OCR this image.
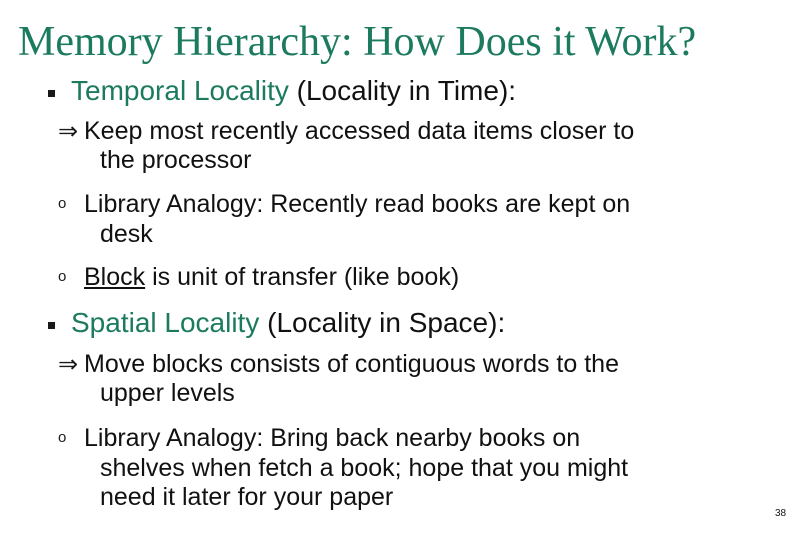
Memory Hierarchy: How Does it Work?
Temporal Locality (Locality in Time):
⇒ Keep most recently accessed data items closer to
the processor
o Library Analogy: Recently read books are kept on
desk
o Block is unit of transfer (like book)
Spatial Locality (Locality in Space):
⇒ Move blocks consists of contiguous words to the
upper levels
o Library Analogy: Bring back nearby books on
shelves when fetch a book; hope that you might
need it later for your paper
38
